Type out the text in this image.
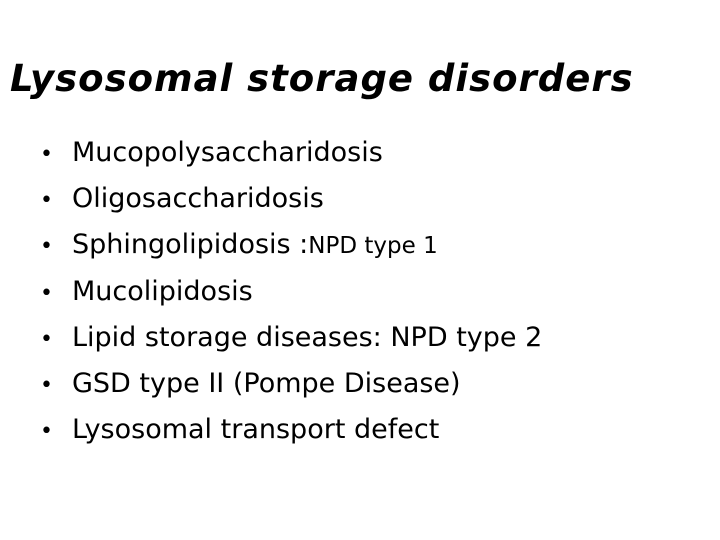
Lysosomal storage disorders
• Mucopolysaccharidosis
• Oligosaccharidosis
• Sphingolipidosis : NPD type 1
• Mucolipidosis
• Lipid storage diseases: NPD type 2
• GSD type II (Pompe Disease)
• Lysosomal transport defect
